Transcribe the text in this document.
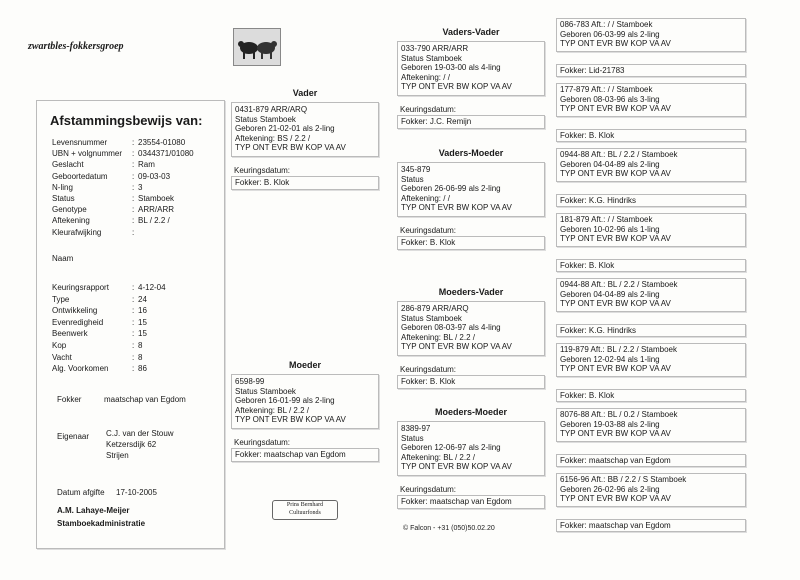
zwartbles-fokkersgroep
Afstammingsbewijs van:
Levensnummer	: 23554-01080
UBN + volgnummer : 0344371/01080
Geslacht	: Ram
Geboortedatum	: 09-03-03
N-ling	: 3
Status	: Stamboek
Genotype	: ARR/ARR
Aftekening	: BL / 2.2 /
Kleurafwijking	:
Naam
Keuringsrapport	: 4-12-04
Type	: 24
Ontwikkeling	: 16
Evenredigheid	: 15
Beenwerk	: 15
Kop	: 8
Vacht	: 8
Alg. Voorkomen	: 86
Fokker	maatschap van Egdom
Eigenaar C.J. van der Stouw
Ketzersdijk 62
Strijen
Datum afgifte 17-10-2005
A.M. Lahaye-Meijer
Stamboekadministratie
Vader
0431-879 ARR/ARQ
Status Stamboek
Geboren 21-02-01 als 2-ling
Aftekening: BS / 2.2 /
TYP ONT EVR BW KOP VA AV
Keuringsdatum:
Fokker: B. Klok
Moeder
6598-99
Status Stamboek
Geboren 16-01-99 als 2-ling
Aftekening: BL / 2.2 /
TYP ONT EVR BW KOP VA AV
Keuringsdatum:
Fokker: maatschap van Egdom
Vaders-Vader
033-790 ARR/ARR
Status Stamboek
Geboren 19-03-00 als 4-ling
Aftekening: / /
TYP ONT EVR BW KOP VA AV
Keuringsdatum:
Fokker: J.C. Remijn
Vaders-Moeder
345-879
Status
Geboren 26-06-99 als 2-ling
Aftekening: / /
TYP ONT EVR BW KOP VA AV
Keuringsdatum:
Fokker: B. Klok
Moeders-Vader
286-879 ARR/ARQ
Status Stamboek
Geboren 08-03-97 als 4-ling
Aftekening: BL / 2.2 /
TYP ONT EVR BW KOP VA AV
Keuringsdatum:
Fokker: B. Klok
Moeders-Moeder
8389-97
Status
Geboren 12-06-97 als 2-ling
Aftekening: BL / 2.2 /
TYP ONT EVR BW KOP VA AV
Keuringsdatum:
Fokker: maatschap van Egdom
086-783 Aft.: / / Stamboek
Geboren 06-03-99 als 2-ling
TYP ONT EVR BW KOP VA AV
Fokker: Lid-21783
177-879 Aft.: / / Stamboek
Geboren 08-03-96 als 3-ling
TYP ONT EVR BW KOP VA AV
Fokker: B. Klok
0944-88 Aft.: BL / 2.2 / Stamboek
Geboren 04-04-89 als 2-ling
TYP ONT EVR BW KOP VA AV
Fokker: K.G. Hindriks
181-879 Aft.: / / Stamboek
Geboren 10-02-96 als 1-ling
TYP ONT EVR BW KOP VA AV
Fokker: B. Klok
0944-88 Aft.: BL / 2.2 / Stamboek
Geboren 04-04-89 als 2-ling
TYP ONT EVR BW KOP VA AV
Fokker: K.G. Hindriks
119-879 Aft.: BL / 2.2 / Stamboek
Geboren 12-02-94 als 1-ling
TYP ONT EVR BW KOP VA AV
Fokker: B. Klok
8076-88 Aft.: BL / 0.2 / Stamboek
Geboren 19-03-88 als 2-ling
TYP ONT EVR BW KOP VA AV
Fokker: maatschap van Egdom
6156-96 Aft.: BB / 2.2 / S Stamboek
Geboren 26-02-96 als 2-ling
TYP ONT EVR BW KOP VA AV
Fokker: maatschap van Egdom
Prins Bernhard
Cultuurfonds
© Falcon - +31 (050)50.02.20
